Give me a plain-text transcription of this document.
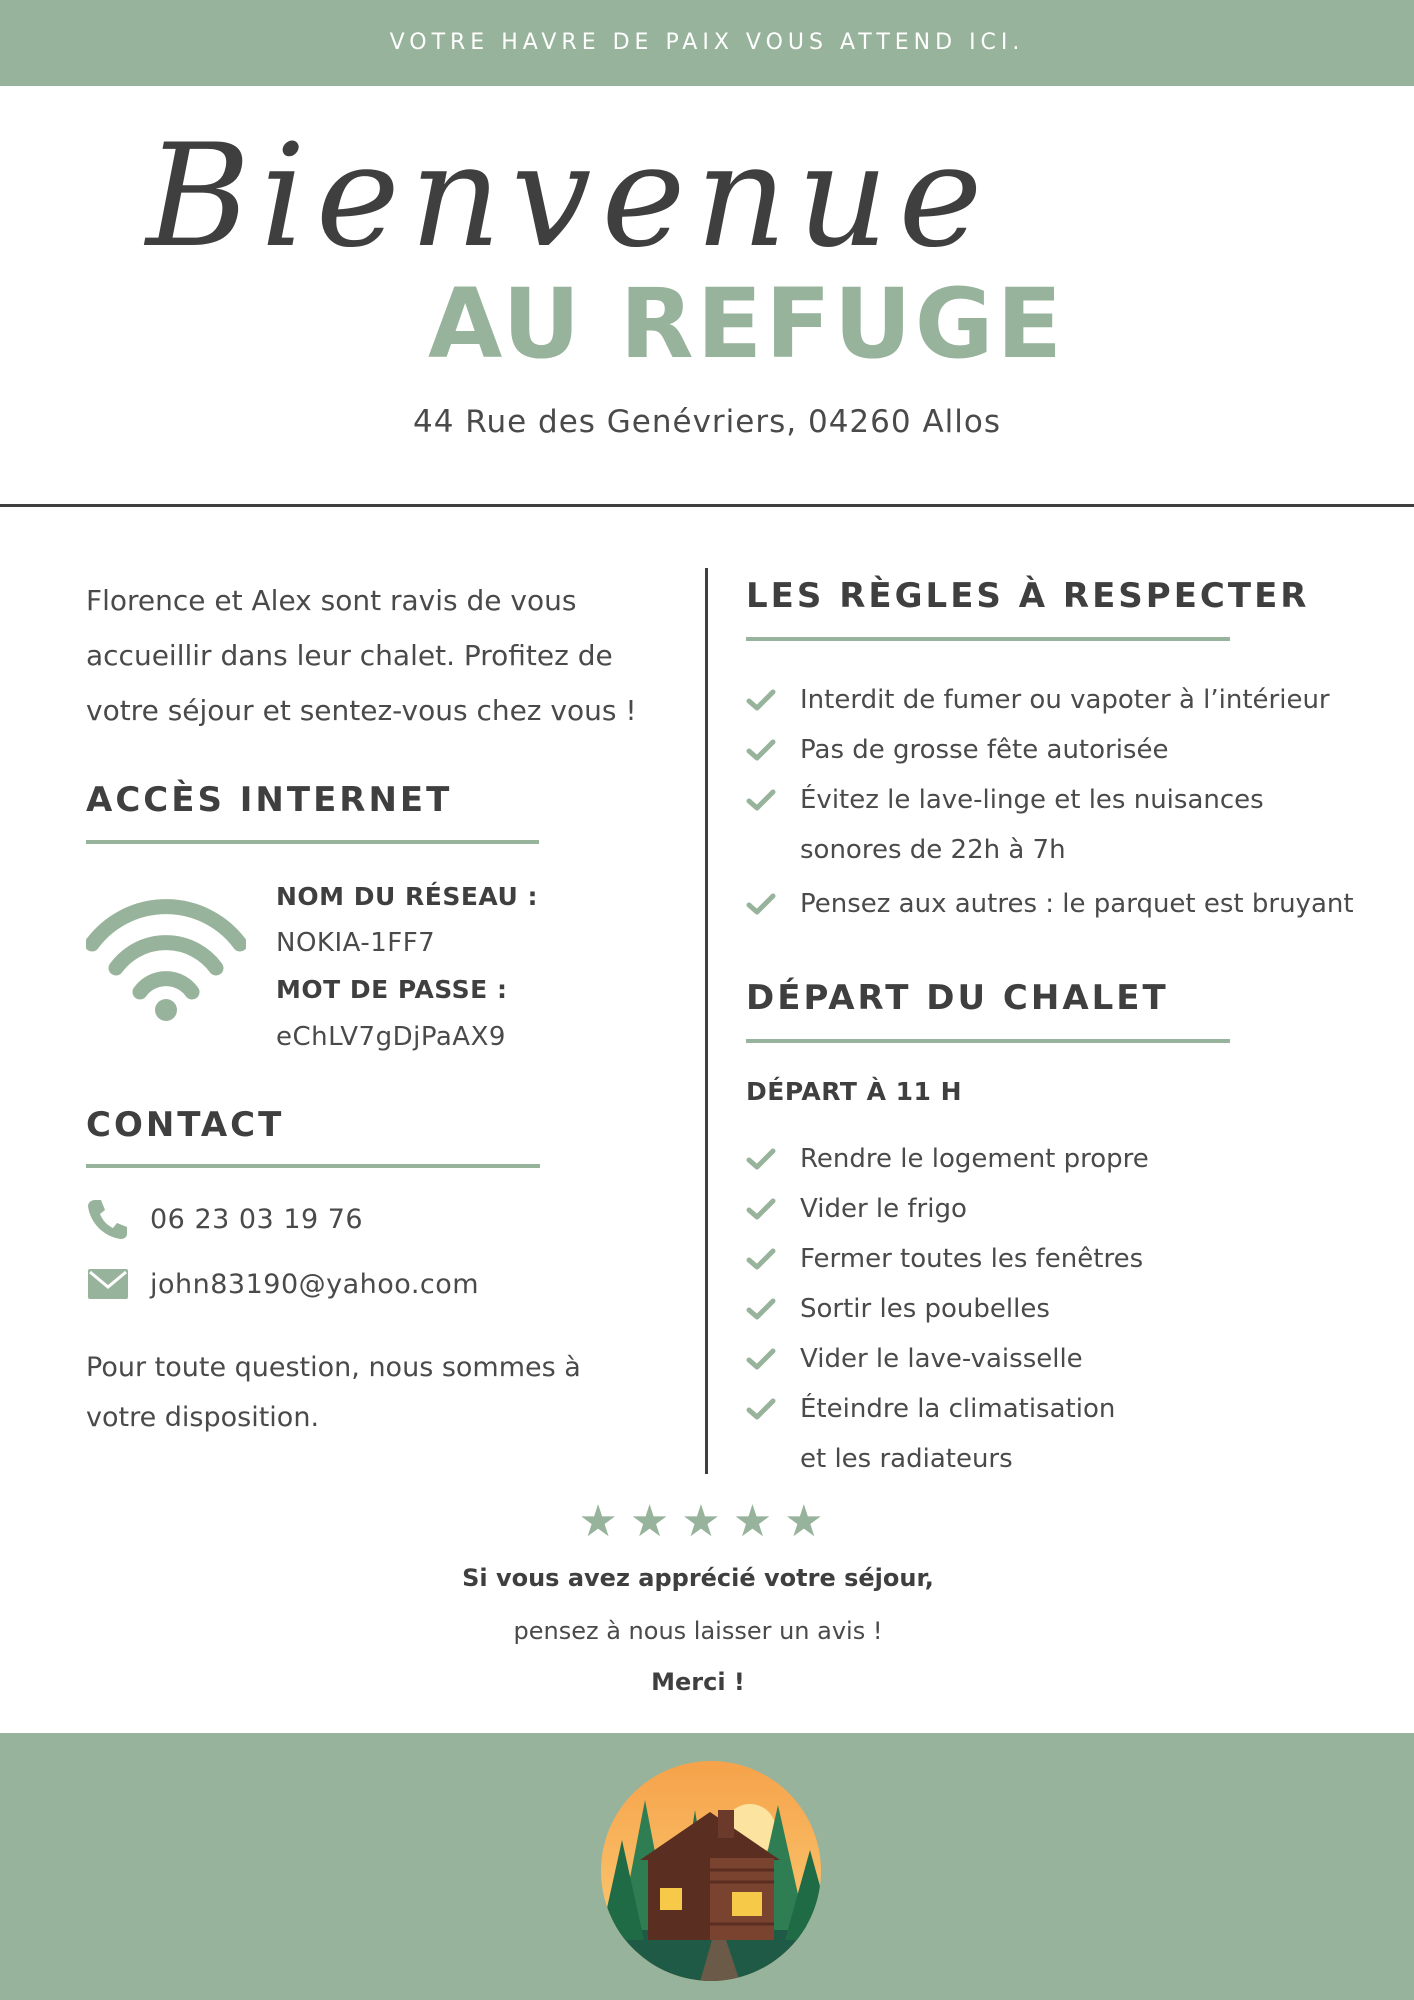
VOTRE HAVRE DE PAIX VOUS ATTEND ICI.
Bienvenue
AU REFUGE
44 Rue des Genévriers, 04260 Allos

Florence et Alex sont ravis de vous accueillir dans leur chalet. Profitez de votre séjour et sentez-vous chez vous !

ACCÈS INTERNET
NOM DU RÉSEAU :
NOKIA-1FF7
MOT DE PASSE :
eChLV7gDjPaAX9
CONTACT
06 23 03 19 76
john83190@yahoo.com

Pour toute question, nous sommes à votre disposition.

LES RÈGLES À RESPECTER
Interdit de fumer ou vapoter à l’intérieur
Pas de grosse fête autorisée
Évitez le lave-linge et les nuisances
sonores de 22h à 7h
Pensez aux autres : le parquet est bruyant
DÉPART DU CHALET
DÉPART À 11 H
Rendre le logement propre
Vider le frigo
Fermer toutes les fenêtres
Sortir les poubelles
Vider le lave-vaisselle
Éteindre la climatisation
et les radiateurs
★★★★★
Si vous avez apprécié votre séjour,
pensez à nous laisser un avis !
Merci !
